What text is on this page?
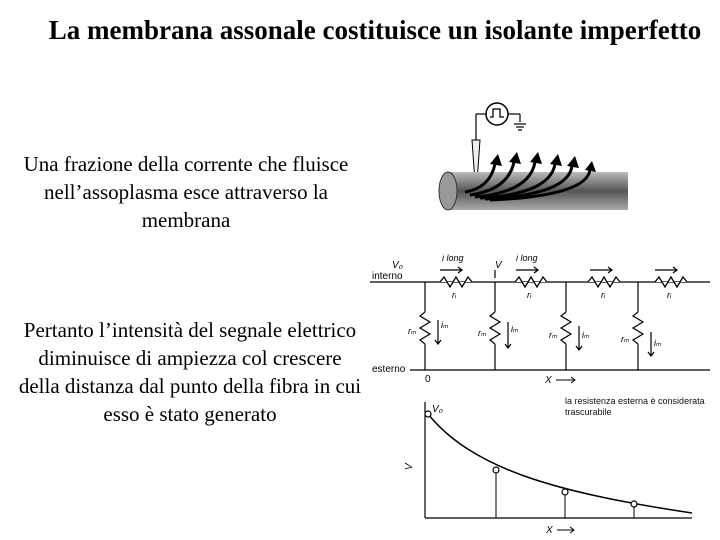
La membrana assonale costituisce un isolante imperfetto
Una frazione della corrente che fluisce nell’assoplasma esce attraverso la membrana
Pertanto l’intensità del segnale elettrico diminuisce di ampiezza col crescere della distanza dal punto della fibra in cui esso è stato generato
interno
esterno
V₀	V
i long	i long
rᵢ	rᵢ	rᵢ	rᵢ
rₘ	rₘ	rₘ	rₘ
iₘ	iₘ
iₘ
iₘ
0	X
V₀
V
X
la resistenza esterna è considerata trascurabile
